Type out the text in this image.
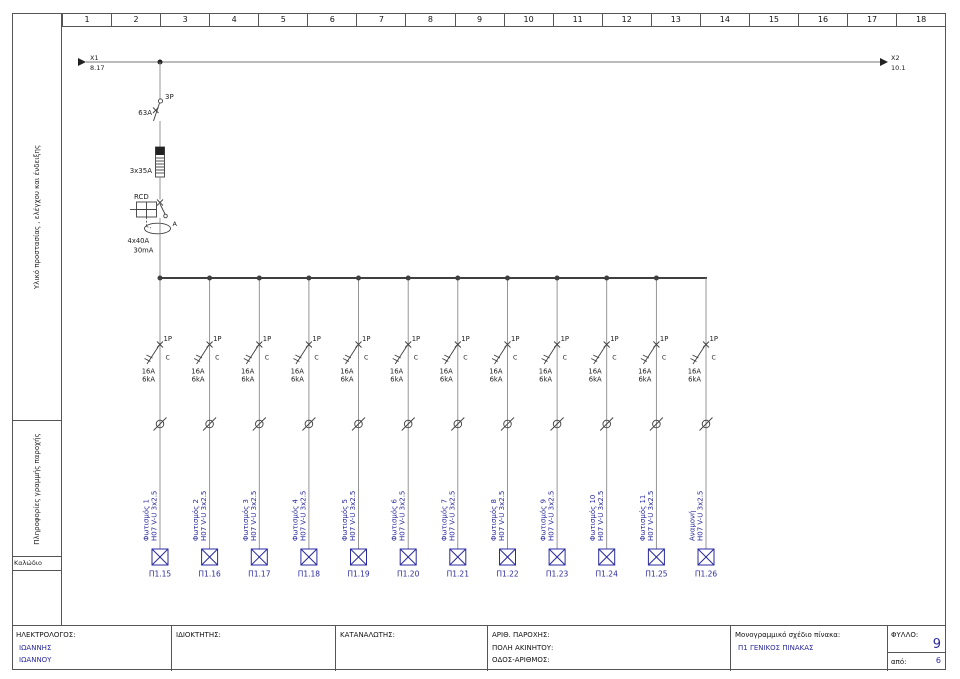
Υλικό προστασίας , ελέγχου και ένδειξης
Πληροφορίες γραμμής παροχής
Καλώδιο
1	2	3	4	5	6	7	8	9	10	11	12	13	14	15	16	17	18
X1
8.17
X2
10.1
3P
63A
3x35A
RCD
A
4x40A
30mA
1P
C
16A
6kA
Φωτισμός 1 H07 V-U 3x2.5
Π1.15
1P
C
16A
6kA
Φωτισμός 2 H07 V-U 3x2.5
Π1.16
1P
C
16A
6kA
Φωτισμός 3 H07 V-U 3x2.5
Π1.17
1P
C
16A
6kA
Φωτισμός 4 H07 V-U 3x2.5
Π1.18
1P
C
16A
6kA
Φωτισμός 5 H07 V-U 3x2.5
Π1.19
1P
C
16A
6kA
Φωτισμός 6 H07 V-U 3x2.5
Π1.20
1P
C
16A
6kA
Φωτισμός 7 H07 V-U 3x2.5
Π1.21
1P
C
16A
6kA
Φωτισμός 8 H07 V-U 3x2.5
Π1.22
1P
C
16A
6kA
Φωτισμός 9 H07 V-U 3x2.5
Π1.23
1P
C
16A
6kA
Φωτισμός 10 H07 V-U 3x2.5
Π1.24
1P
C
16A
6kA
Φωτισμός 11 H07 V-U 3x2.5
Π1.25
1P
C
16A
6kA
Αναμονή H07 V-U 3x2.5
Π1.26
ΗΛΕΚΤΡΟΛΟΓΟΣ:
ΙΩΑΝΝΗΣ
ΙΩΑΝΝΟΥ
ΙΔΙΟΚΤΗΤΗΣ:	ΚΑΤΑΝΑΛΩΤΗΣ:	ΑΡΙΘ. ΠΑΡΟΧΗΣ:
ΠΟΛΗ ΑΚΙΝΗΤΟΥ:
ΟΔΟΣ-ΑΡΙΘΜΟΣ:
Μονογραμμικό σχέδιο πίνακα:
Π1 ΓΕΝΙΚΟΣ ΠΙΝΑΚΑΣ
ΦΥΛΛΟ:
9
από:	6
